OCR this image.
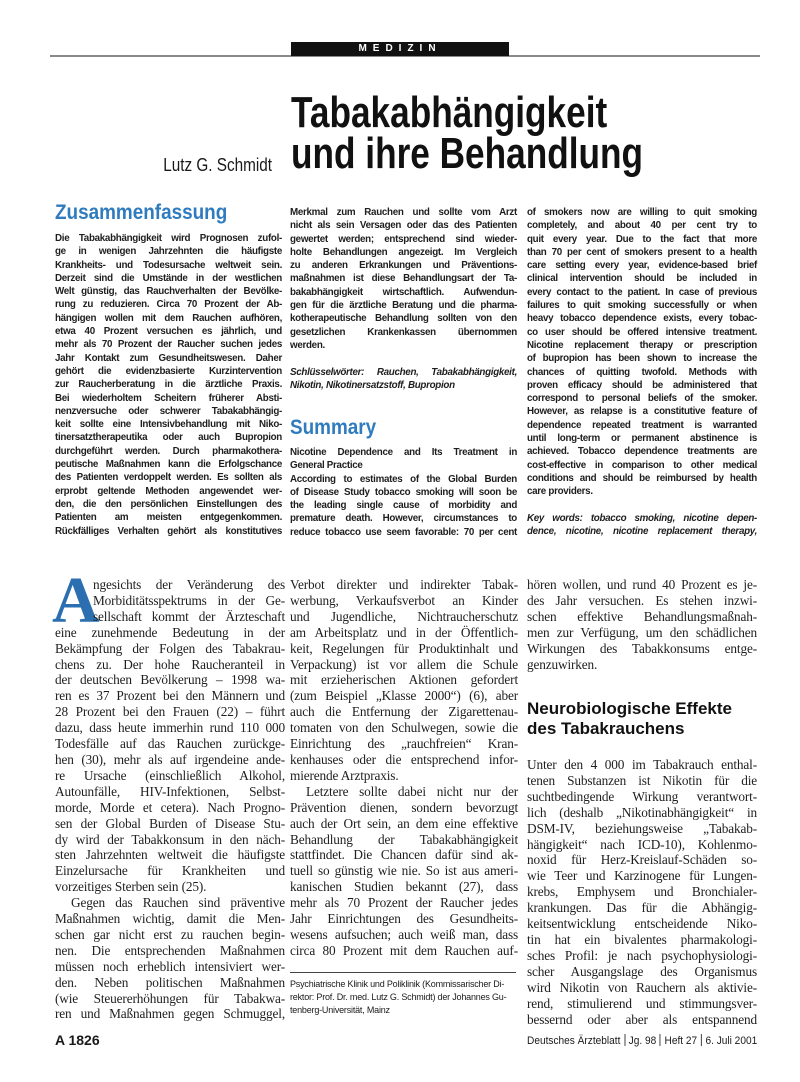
MEDIZIN
Tabakabhängigkeit
und ihre Behandlung
Lutz G. Schmidt
Zusammenfassung
Die Tabakabhängigkeit wird Prognosen zufol-
ge in wenigen Jahrzehnten die häufigste
Krankheits- und Todesursache weltweit sein.
Derzeit sind die Umstände in der westlichen
Welt günstig, das Rauchverhalten der Bevölke-
rung zu reduzieren. Circa 70 Prozent der Ab-
hängigen wollen mit dem Rauchen aufhören,
etwa 40 Prozent versuchen es jährlich, und
mehr als 70 Prozent der Raucher suchen jedes
Jahr Kontakt zum Gesundheitswesen. Daher
gehört die evidenzbasierte Kurzintervention
zur Raucherberatung in die ärztliche Praxis.
Bei wiederholtem Scheitern früherer Absti-
nenzversuche oder schwerer Tabakabhängig-
keit sollte eine Intensivbehandlung mit Niko-
tinersatztherapeutika oder auch Bupropion
durchgeführt werden. Durch pharmakothera-
peutische Maßnahmen kann die Erfolgschance
des Patienten verdoppelt werden. Es sollten als
erprobt geltende Methoden angewendet wer-
den, die den persönlichen Einstellungen des
Patienten am meisten entgegenkommen.
Rückfälliges Verhalten gehört als konstitutives
Merkmal zum Rauchen und sollte vom Arzt
nicht als sein Versagen oder das des Patienten
gewertet werden; entsprechend sind wieder-
holte Behandlungen angezeigt. Im Vergleich
zu anderen Erkrankungen und Präventions-
maßnahmen ist diese Behandlungsart der Ta-
bakabhängigkeit wirtschaftlich. Aufwendun-
gen für die ärztliche Beratung und die pharma-
kotherapeutische Behandlung sollten von den
gesetzlichen Krankenkassen übernommen
werden.
Schlüsselwörter: Rauchen, Tabakabhängigkeit,
Nikotin, Nikotinersatzstoff, Bupropion
Summary
Nicotine Dependence and Its Treatment in
General Practice
According to estimates of the Global Burden
of Disease Study tobacco smoking will soon be
the leading single cause of morbidity and
premature death. However, circumstances to
reduce tobacco use seem favorable: 70 per cent
of smokers now are willing to quit smoking
completely, and about 40 per cent try to
quit every year. Due to the fact that more
than 70 per cent of smokers present to a health
care setting every year, evidence-based brief
clinical intervention should be included in
every contact to the patient. In case of previous
failures to quit smoking successfully or when
heavy tobacco dependence exists, every tobac-
co user should be offered intensive treatment.
Nicotine replacement therapy or prescription
of bupropion has been shown to increase the
chances of quitting twofold. Methods with
proven efficacy should be administered that
correspond to personal beliefs of the smoker.
However, as relapse is a constitutive feature of
dependence repeated treatment is warranted
until long-term or permanent abstinence is
achieved. Tobacco dependence treatments are
cost-effective in comparison to other medical
conditions and should be reimbursed by health
care providers.
Key words: tobacco smoking, nicotine depen-
dence, nicotine, nicotine replacement therapy,
A
ngesichts der Veränderung des
Morbiditätsspektrums in der Ge-
sellschaft kommt der Ärzteschaft
eine zunehmende Bedeutung in der
Bekämpfung der Folgen des Tabakrau-
chens zu. Der hohe Raucheranteil in
der deutschen Bevölkerung – 1998 wa-
ren es 37 Prozent bei den Männern und
28 Prozent bei den Frauen (22) – führt
dazu, dass heute immerhin rund 110 000
Todesfälle auf das Rauchen zurückge-
hen (30), mehr als auf irgendeine ande-
re Ursache (einschließlich Alkohol,
Autounfälle, HIV-Infektionen, Selbst-
morde, Morde et cetera). Nach Progno-
sen der Global Burden of Disease Stu-
dy wird der Tabakkonsum in den näch-
sten Jahrzehnten weltweit die häufigste
Einzelursache für Krankheiten und
vorzeitiges Sterben sein (25).
Gegen das Rauchen sind präventive
Maßnahmen wichtig, damit die Men-
schen gar nicht erst zu rauchen begin-
nen. Die entsprechenden Maßnahmen
müssen noch erheblich intensiviert wer-
den. Neben politischen Maßnahmen
(wie Steuererhöhungen für Tabakwa-
ren und Maßnahmen gegen Schmuggel,
Verbot direkter und indirekter Tabak-
werbung, Verkaufsverbot an Kinder
und Jugendliche, Nichtraucherschutz
am Arbeitsplatz und in der Öffentlich-
keit, Regelungen für Produktinhalt und
Verpackung) ist vor allem die Schule
mit erzieherischen Aktionen gefordert
(zum Beispiel „Klasse 2000“) (6), aber
auch die Entfernung der Zigarettenau-
tomaten von den Schulwegen, sowie die
Einrichtung des „rauchfreien“ Kran-
kenhauses oder die entsprechend infor-
mierende Arztpraxis.
Letztere sollte dabei nicht nur der
Prävention dienen, sondern bevorzugt
auch der Ort sein, an dem eine effektive
Behandlung der Tabakabhängigkeit
stattfindet. Die Chancen dafür sind ak-
tuell so günstig wie nie. So ist aus ameri-
kanischen Studien bekannt (27), dass
mehr als 70 Prozent der Raucher jedes
Jahr Einrichtungen des Gesundheits-
wesens aufsuchen; auch weiß man, dass
circa 80 Prozent mit dem Rauchen auf-
hören wollen, und rund 40 Prozent es je-
des Jahr versuchen. Es stehen inzwi-
schen effektive Behandlungsmaßnah-
men zur Verfügung, um den schädlichen
Wirkungen des Tabakkonsums entge-
genzuwirken.
Neurobiologische Effekte
des Tabakrauchens
Unter den 4 000 im Tabakrauch enthal-
tenen Substanzen ist Nikotin für die
suchtbedingende Wirkung verantwort-
lich (deshalb „Nikotinabhängigkeit“ in
DSM-IV, beziehungsweise „Tabakab-
hängigkeit“ nach ICD-10), Kohlenmo-
noxid für Herz-Kreislauf-Schäden so-
wie Teer und Karzinogene für Lungen-
krebs, Emphysem und Bronchialer-
krankungen. Das für die Abhängig-
keitsentwicklung entscheidende Niko-
tin hat ein bivalentes pharmakologi-
sches Profil: je nach psychophysiologi-
scher Ausgangslage des Organismus
wird Nikotin von Rauchern als aktivie-
rend, stimulierend und stimmungsver-
bessernd oder aber als entspannend
Psychiatrische Klinik und Poliklinik (Kommissarischer Di-
rektor: Prof. Dr. med. Lutz G. Schmidt) der Johannes Gu-
tenberg-Universität, Mainz
A 1826	Deutsches Ärzteblatt Jg. 98 Heft 27 6. Juli 2001
